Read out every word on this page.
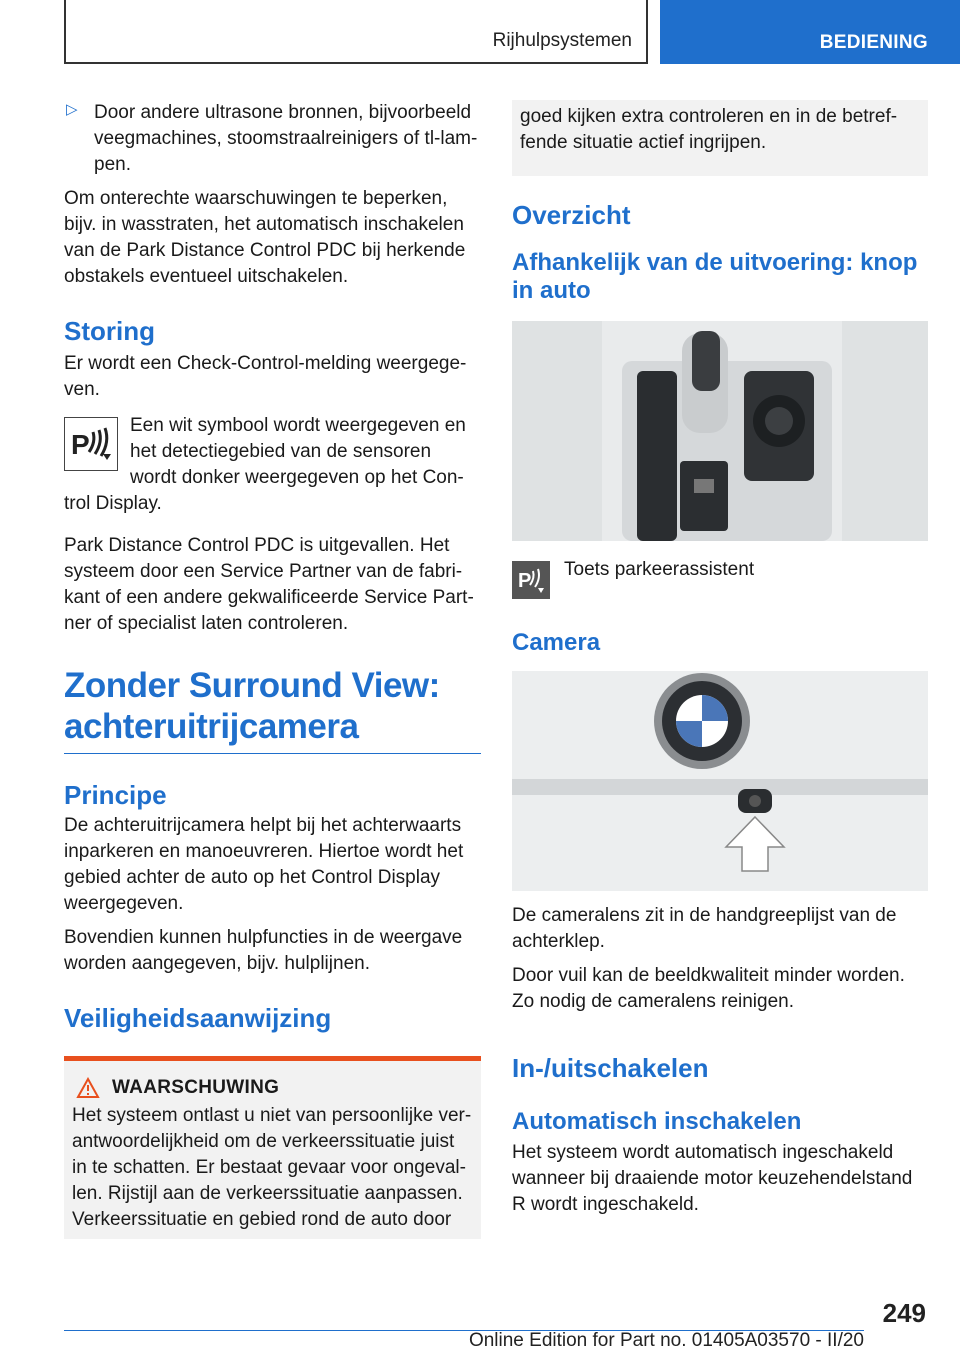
Rijhulpsystemen	BEDIENING
▷ Door andere ultrasone bronnen, bijvoorbeeld veegmachines, stoomstraalreinigers of tl-lam-pen.

Om onterechte waarschuwingen te beperken, bijv. in wasstraten, het automatisch inschakelen van de Park Distance Control PDC bij herkende obstakels eventueel uitschakelen.

Storing

Er wordt een Check-Control-melding weergege-ven.

P

Een wit symbool wordt weergegeven en het detectiegebied van de sensoren wordt donker weergegeven op het Con-trol Display.

Park Distance Control PDC is uitgevallen. Het systeem door een Service Partner van de fabri-kant of een andere gekwalificeerde Service Part-ner of specialist laten controleren.

Zonder Surround View: achteruitrijcamera
Principe

De achteruitrijcamera helpt bij het achterwaarts inparkeren en manoeuvreren. Hiertoe wordt het gebied achter de auto op het Control Display weergegeven.

Bovendien kunnen hulpfuncties in de weergave worden aangegeven, bijv. hulplijnen.

Veiligheidsaanwijzing
WAARSCHUWING

Het systeem ontlast u niet van persoonlijke ver-antwoordelijkheid om de verkeerssituatie juist in te schatten. Er bestaat gevaar voor ongeval-len. Rijstijl aan de verkeerssituatie aanpassen. Verkeerssituatie en gebied rond de auto door

goed kijken extra controleren en in de betref-fende situatie actief ingrijpen.

Overzicht
Afhankelijk van de uitvoering: knop in auto
P

Toets parkeerassistent

Camera

De cameralens zit in de handgreeplijst van de achterklep.

Door vuil kan de beeldkwaliteit minder worden. Zo nodig de cameralens reinigen.

In-/uitschakelen
Automatisch inschakelen

Het systeem wordt automatisch ingeschakeld wanneer bij draaiende motor keuzehendelstand R wordt ingeschakeld.

249
Online Edition for Part no. 01405A03570 - II/20
